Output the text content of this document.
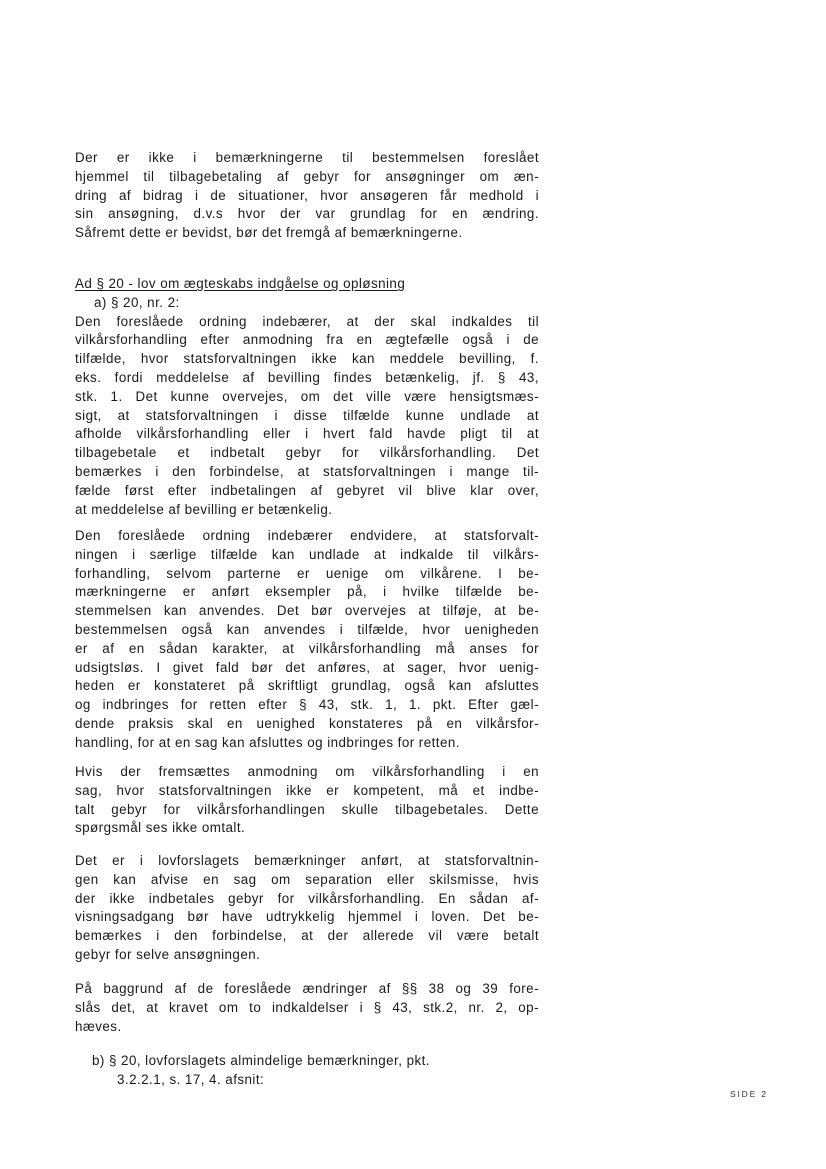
Der er ikke i bemærkningerne til bestemmelsen foreslået
hjemmel til tilbagebetaling af gebyr for ansøgninger om æn-
dring af bidrag i de situationer, hvor ansøgeren får medhold i
sin ansøgning, d.v.s hvor der var grundlag for en ændring.
Såfremt dette er bevidst, bør det fremgå af bemærkningerne.
Ad § 20 - lov om ægteskabs indgåelse og opløsning
a) § 20, nr. 2:
Den foreslåede ordning indebærer, at der skal indkaldes til
vilkårsforhandling efter anmodning fra en ægtefælle også i de
tilfælde, hvor statsforvaltningen ikke kan meddele bevilling, f.
eks. fordi meddelelse af bevilling findes betænkelig, jf. § 43,
stk. 1. Det kunne overvejes, om det ville være hensigtsmæs-
sigt, at statsforvaltningen i disse tilfælde kunne undlade at
afholde vilkårsforhandling eller i hvert fald havde pligt til at
tilbagebetale et indbetalt gebyr for vilkårsforhandling. Det
bemærkes i den forbindelse, at statsforvaltningen i mange til-
fælde først efter indbetalingen af gebyret vil blive klar over,
at meddelelse af bevilling er betænkelig.
Den foreslåede ordning indebærer endvidere, at statsforvalt-
ningen i særlige tilfælde kan undlade at indkalde til vilkårs-
forhandling, selvom parterne er uenige om vilkårene. I be-
mærkningerne er anført eksempler på, i hvilke tilfælde be-
stemmelsen kan anvendes. Det bør overvejes at tilføje, at be-
bestemmelsen også kan anvendes i tilfælde, hvor uenigheden
er af en sådan karakter, at vilkårsforhandling må anses for
udsigtsløs. I givet fald bør det anføres, at sager, hvor uenig-
heden er konstateret på skriftligt grundlag, også kan afsluttes
og indbringes for retten efter § 43, stk. 1, 1. pkt. Efter gæl-
dende praksis skal en uenighed konstateres på en vilkårsfor-
handling, for at en sag kan afsluttes og indbringes for retten.
Hvis der fremsættes anmodning om vilkårsforhandling i en
sag, hvor statsforvaltningen ikke er kompetent, må et indbe-
talt gebyr for vilkårsforhandlingen skulle tilbagebetales. Dette
spørgsmål ses ikke omtalt.
Det er i lovforslagets bemærkninger anført, at statsforvaltnin-
gen kan afvise en sag om separation eller skilsmisse, hvis
der ikke indbetales gebyr for vilkårsforhandling. En sådan af-
visningsadgang bør have udtrykkelig hjemmel i loven. Det be-
bemærkes i den forbindelse, at der allerede vil være betalt
gebyr for selve ansøgningen.
På baggrund af de foreslåede ændringer af §§ 38 og 39 fore-
slås det, at kravet om to indkaldelser i § 43, stk.2, nr. 2, op-
hæves.
b) § 20, lovforslagets almindelige bemærkninger, pkt.
3.2.2.1, s. 17, 4. afsnit:
SIDE 2
